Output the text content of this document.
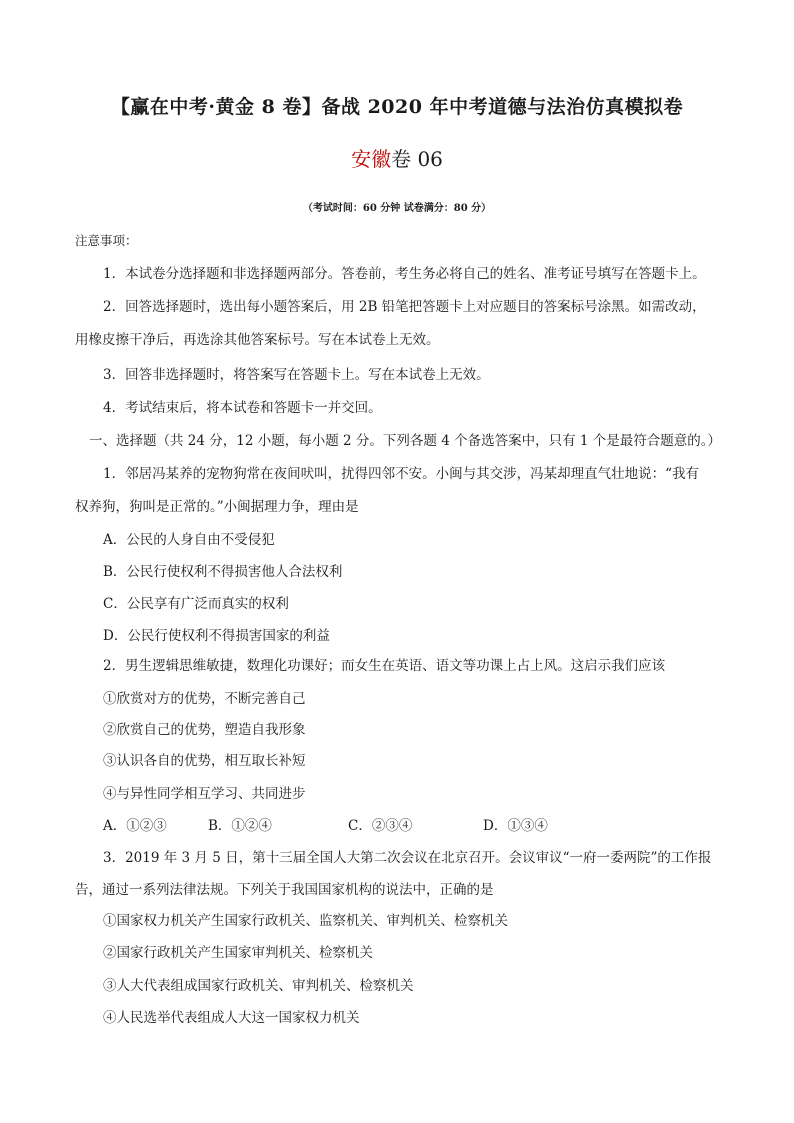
【赢在中考·黄金 8 卷】备战 2020 年中考道德与法治仿真模拟卷
安徽卷 06
（考试时间：60 分钟 试卷满分：80 分）
注意事项：
1．本试卷分选择题和非选择题两部分。答卷前，考生务必将自己的姓名、准考证号填写在答题卡上。
2．回答选择题时，选出每小题答案后，用 2B 铅笔把答题卡上对应题目的答案标号涂黑。如需改动，
用橡皮擦干净后，再选涂其他答案标号。写在本试卷上无效。
3．回答非选择题时，将答案写在答题卡上。写在本试卷上无效。
4．考试结束后，将本试卷和答题卡一并交回。
一、选择题（共 24 分，12 小题，每小题 2 分。下列各题 4 个备选答案中，只有 1 个是最符合题意的。）
1．邻居冯某养的宠物狗常在夜间吠叫，扰得四邻不安。小闽与其交涉，冯某却理直气壮地说：“我有
权养狗，狗叫是正常的。”小闽据理力争，理由是
A．公民的人身自由不受侵犯
B．公民行使权利不得损害他人合法权利
C．公民享有广泛而真实的权利
D．公民行使权利不得损害国家的利益
2．男生逻辑思维敏捷，数理化功课好；而女生在英语、语文等功课上占上风。这启示我们应该
①欣赏对方的优势，不断完善自己
②欣赏自己的优势，塑造自我形象
③认识各自的优势，相互取长补短
④与异性同学相互学习、共同进步
A．①②③	B．①②④	C．②③④	D．①③④
3．2019 年 3 月 5 日，第十三届全国人大第二次会议在北京召开。会议审议“一府一委两院”的工作报
告，通过一系列法律法规。下列关于我国国家机构的说法中，正确的是
①国家权力机关产生国家行政机关、监察机关、审判机关、检察机关
②国家行政机关产生国家审判机关、检察机关
③人大代表组成国家行政机关、审判机关、检察机关
④人民选举代表组成人大这一国家权力机关
